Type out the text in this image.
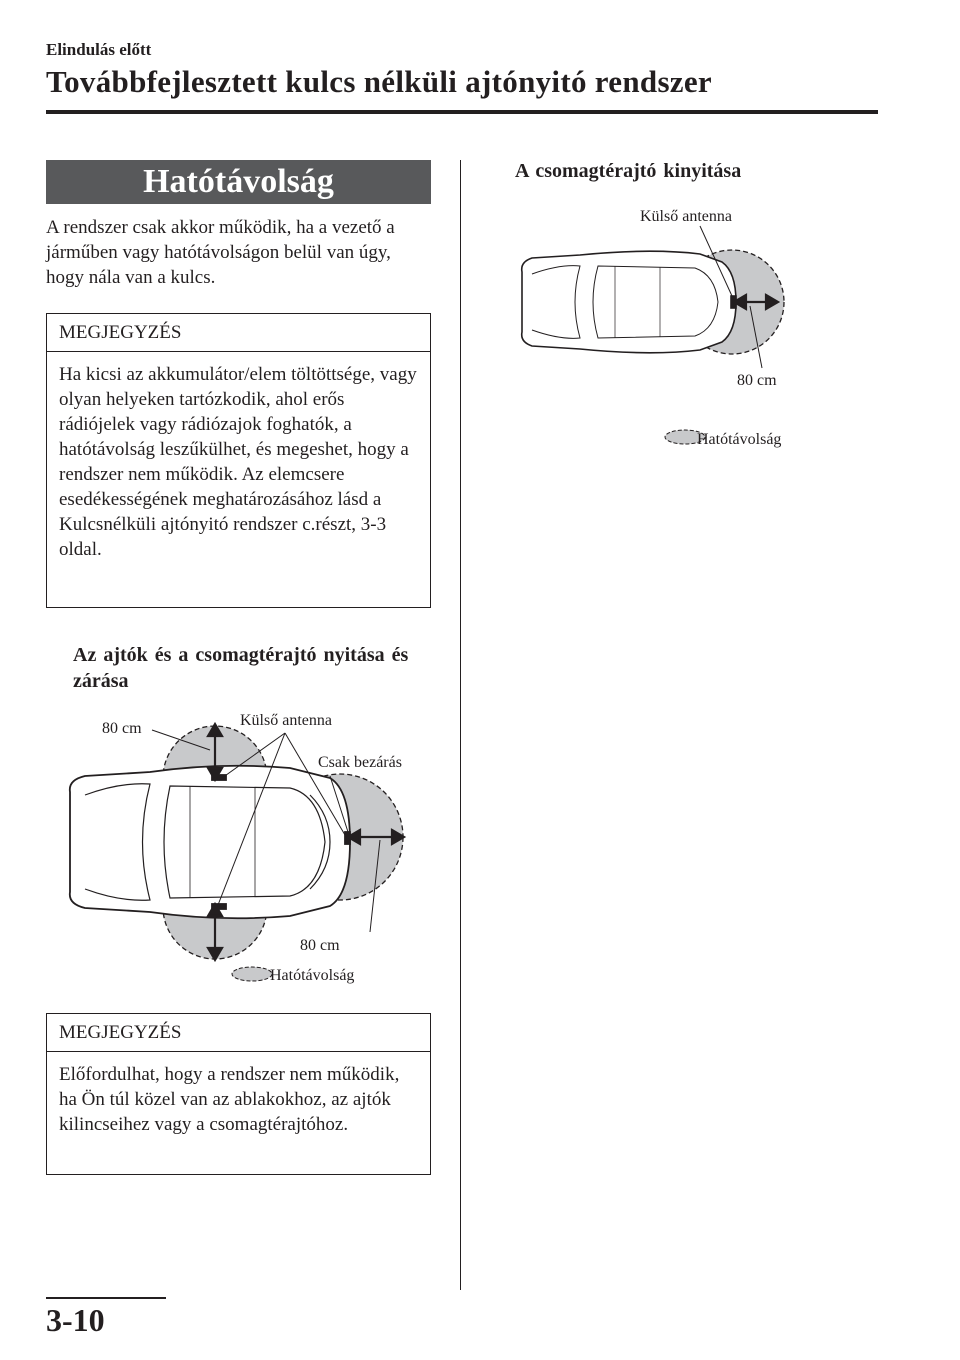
Elindulás előtt
Továbbfejlesztett kulcs nélküli ajtónyitó rendszer
Hatótávolság
A rendszer csak akkor működik, ha a vezető a járműben vagy hatótávolságon belül van úgy, hogy nála van a kulcs.
MEGJEGYZÉS
Ha kicsi az akkumulátor/elem töltöttsége, vagy olyan helyeken tartózkodik, ahol erős rádiójelek vagy rádiózajok foghatók, a hatótávolság leszűkülhet, és megeshet, hogy a rendszer nem működik. Az elemcsere esedékességének meghatározásához lásd a Kulcsnélküli ajtónyitó rendszer c.részt, 3-3 oldal.
Az ajtók és a csomagtérajtó nyitása és zárása
80 cm	Külső antenna
Csak bezárás
80 cm
Hatótávolság
MEGJEGYZÉS
Előfordulhat, hogy a rendszer nem működik, ha Ön túl közel van az ablakokhoz, az ajtók kilincseihez vagy a csomagtérajtóhoz.
A csomagtérajtó kinyitása
Külső antenna
80 cm
Hatótávolság
3-10
